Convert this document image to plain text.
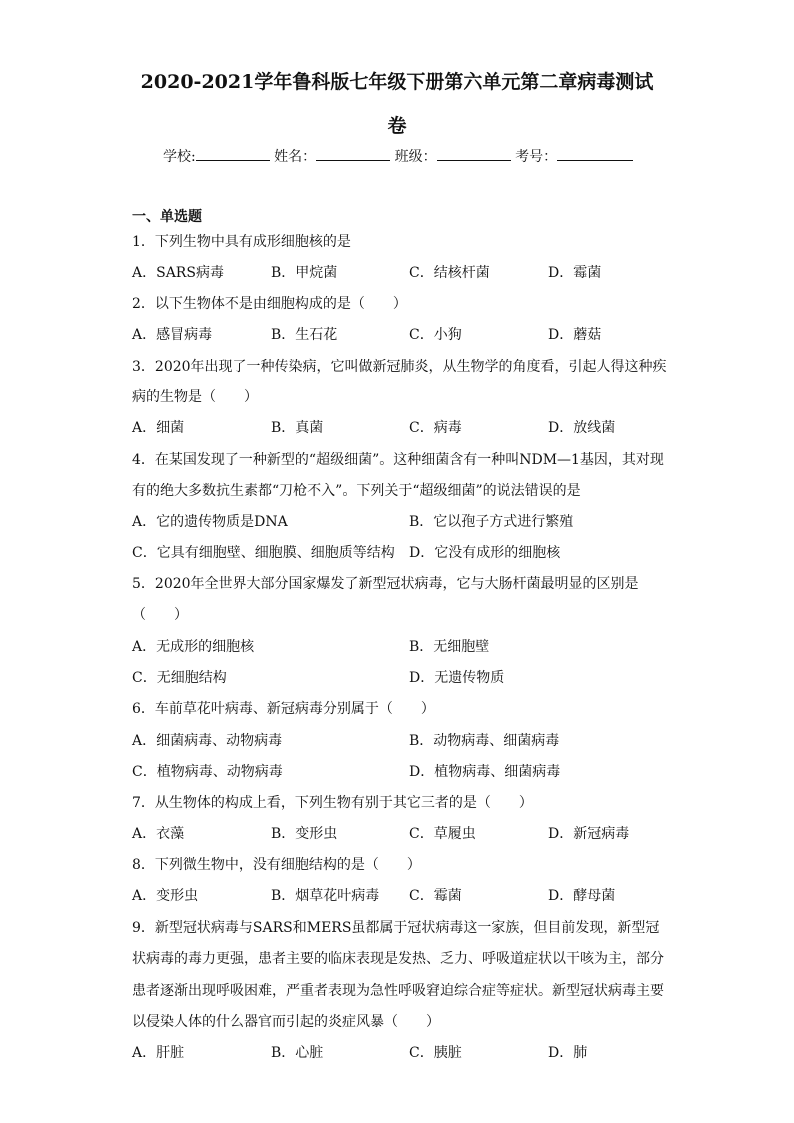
2020-2021学年鲁科版七年级下册第六单元第二章病毒测试
卷
学校:	姓名：	班级：	考号：
一、单选题
1．下列生物中具有成形细胞核的是
A．SARS病毒	B．甲烷菌	C．结核杆菌	D．霉菌
2．以下生物体不是由细胞构成的是（　　）
A．感冒病毒	B．生石花	C．小狗	D．蘑菇
3．2020年出现了一种传染病，它叫做新冠肺炎，从生物学的角度看，引起人得这种疾
病的生物是（　　）
A．细菌	B．真菌	C．病毒	D．放线菌
4．在某国发现了一种新型的“超级细菌”。这种细菌含有一种叫NDM—1基因，其对现
有的绝大多数抗生素都“刀枪不入”。下列关于“超级细菌”的说法错误的是
A．它的遗传物质是DNA	B．它以孢子方式进行繁殖
C．它具有细胞壁、细胞膜、细胞质等结构 D．它没有成形的细胞核
5．2020年全世界大部分国家爆发了新型冠状病毒，它与大肠杆菌最明显的区别是
（　　）
A．无成形的细胞核	B．无细胞壁
C．无细胞结构	D．无遗传物质
6．车前草花叶病毒、新冠病毒分别属于（　　）
A．细菌病毒、动物病毒	B．动物病毒、细菌病毒
C．植物病毒、动物病毒	D．植物病毒、细菌病毒
7．从生物体的构成上看，下列生物有别于其它三者的是（　　）
A．衣藻	B．变形虫	C．草履虫	D．新冠病毒
8．下列微生物中，没有细胞结构的是（　　）
A．变形虫	B．烟草花叶病毒 C．霉菌	D．酵母菌
9．新型冠状病毒与SARS和MERS虽都属于冠状病毒这一家族，但目前发现，新型冠
状病毒的毒力更强，患者主要的临床表现是发热、乏力、呼吸道症状以干咳为主，部分
患者逐渐出现呼吸困难，严重者表现为急性呼吸窘迫综合症等症状。新型冠状病毒主要
以侵染人体的什么器官而引起的炎症风暴（　　）
A．肝脏	B．心脏	C．胰脏	D．肺
